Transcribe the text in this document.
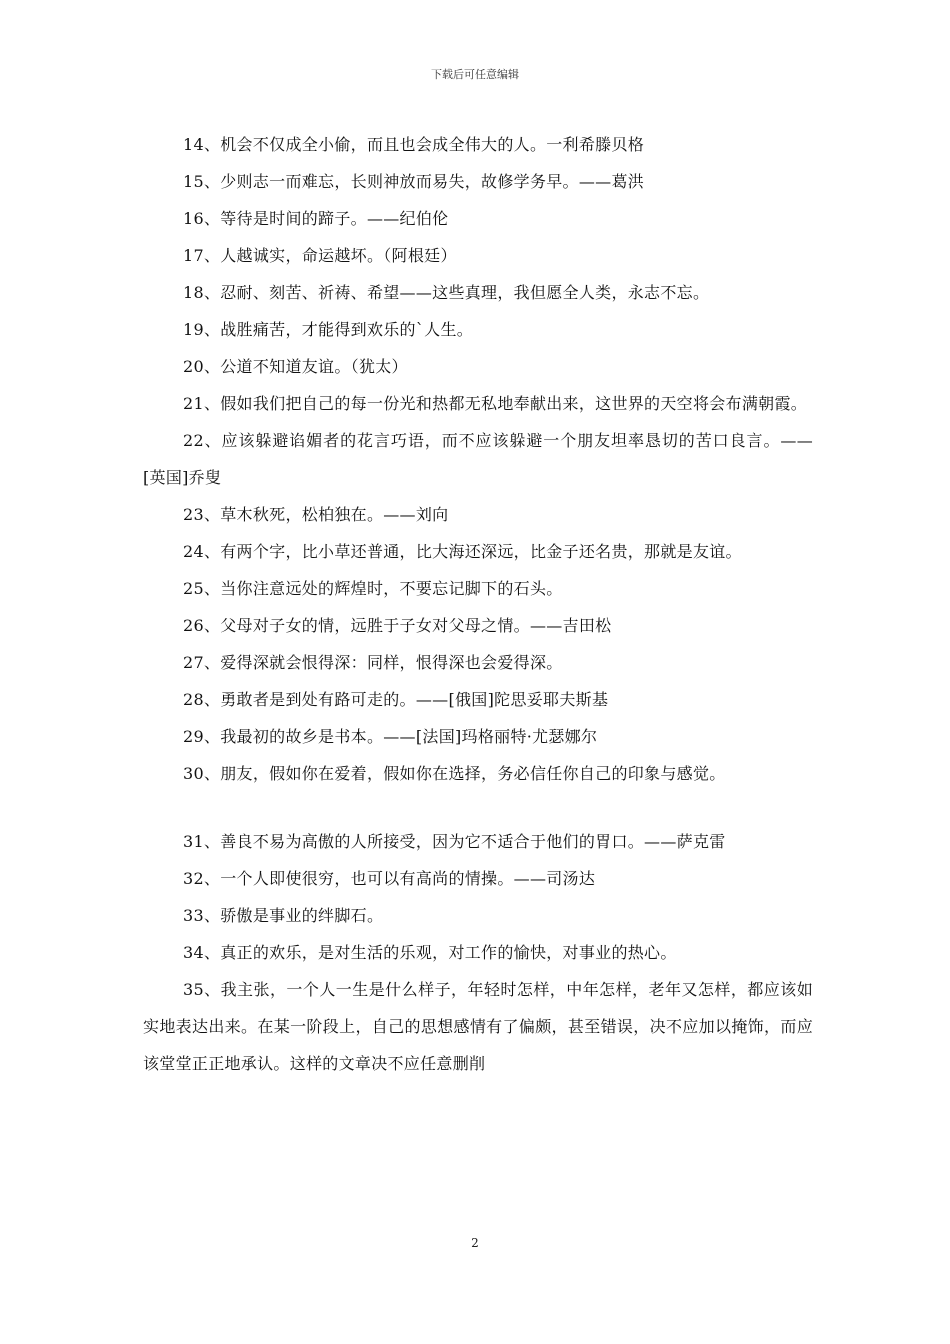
下载后可任意编辑

14、机会不仅成全小偷，而且也会成全伟大的人。一利希滕贝格

15、少则志一而难忘，长则神放而易失，故修学务早。——葛洪

16、等待是时间的蹄子。——纪伯伦

17、人越诚实，命运越坏。（阿根廷）

18、忍耐、刻苦、祈祷、希望——这些真理，我但愿全人类，永志不忘。

19、战胜痛苦，才能得到欢乐的`人生。

20、公道不知道友谊。（犹太）

21、假如我们把自己的每一份光和热都无私地奉献出来，这世界的天空将会布满朝霞。

22、应该躲避谄媚者的花言巧语，而不应该躲避一个朋友坦率恳切的苦口良言。——[英国]乔叟

23、草木秋死，松柏独在。——刘向

24、有两个字，比小草还普通，比大海还深远，比金子还名贵，那就是友谊。

25、当你注意远处的辉煌时，不要忘记脚下的石头。

26、父母对子女的情，远胜于子女对父母之情。——吉田松

27、爱得深就会恨得深：同样，恨得深也会爱得深。

28、勇敢者是到处有路可走的。——[俄国]陀思妥耶夫斯基

29、我最初的故乡是书本。——[法国]玛格丽特·尤瑟娜尔

30、朋友，假如你在爱着，假如你在选择，务必信任你自己的印象与感觉。

31、善良不易为高傲的人所接受，因为它不适合于他们的胃口。——萨克雷

32、一个人即使很穷，也可以有高尚的情操。——司汤达

33、骄傲是事业的绊脚石。

34、真正的欢乐，是对生活的乐观，对工作的愉快，对事业的热心。

35、我主张，一个人一生是什么样子，年轻时怎样，中年怎样，老年又怎样，都应该如实地表达出来。在某一阶段上，自己的思想感情有了偏颇，甚至错误，决不应加以掩饰，而应该堂堂正正地承认。这样的文章决不应任意删削

2
